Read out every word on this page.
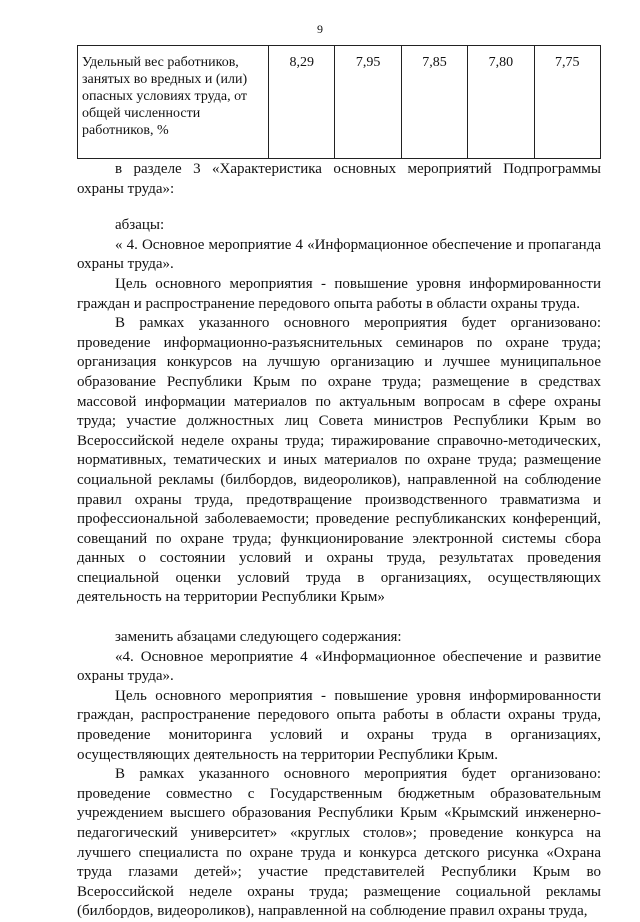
9
Удельный вес работников, занятых во вредных и (или) опасных условиях труда, от общей численности работников, %	8,29	7,95	7,85	7,80	7,75

в разделе 3 «Характеристика основных мероприятий Подпрограммы охраны труда»:

абзацы:

« 4. Основное мероприятие 4 «Информационное обеспечение и пропаганда охраны труда».

Цель основного мероприятия - повышение уровня информированности граждан и распространение передового опыта работы в области охраны труда.

В рамках указанного основного мероприятия будет организовано: проведение информационно-разъяснительных семинаров по охране труда; организация конкурсов на лучшую организацию и лучшее муниципальное образование Республики Крым по охране труда; размещение в средствах массовой информации материалов по актуальным вопросам в сфере охраны труда; участие должностных лиц Совета министров Республики Крым во Всероссийской неделе охраны труда; тиражирование справочно-методических, нормативных, тематических и иных материалов по охране труда; размещение социальной рекламы (билбордов, видеороликов), направленной на соблюдение правил охраны труда, предотвращение производственного травматизма и профессиональной заболеваемости; проведение республиканских конференций, совещаний по охране труда; функционирование электронной системы сбора данных о состоянии условий и охраны труда, результатах проведения специальной оценки условий труда в организациях, осуществляющих деятельность на территории Республики Крым»

заменить абзацами следующего содержания:

«4. Основное мероприятие 4 «Информационное обеспечение и развитие охраны труда».

Цель основного мероприятия - повышение уровня информированности граждан, распространение передового опыта работы в области охраны труда, проведение мониторинга условий и охраны труда в организациях, осуществляющих деятельность на территории Республики Крым.

В рамках указанного основного мероприятия будет организовано: проведение совместно с Государственным бюджетным образовательным учреждением высшего образования Республики Крым «Крымский инженерно-педагогический университет» «круглых столов»; проведение конкурса на лучшего специалиста по охране труда и конкурса детского рисунка «Охрана труда глазами детей»; участие представителей Республики Крым во Всероссийской неделе охраны труда; размещение социальной рекламы (билбордов, видеороликов), направленной на соблюдение правил охраны труда,
